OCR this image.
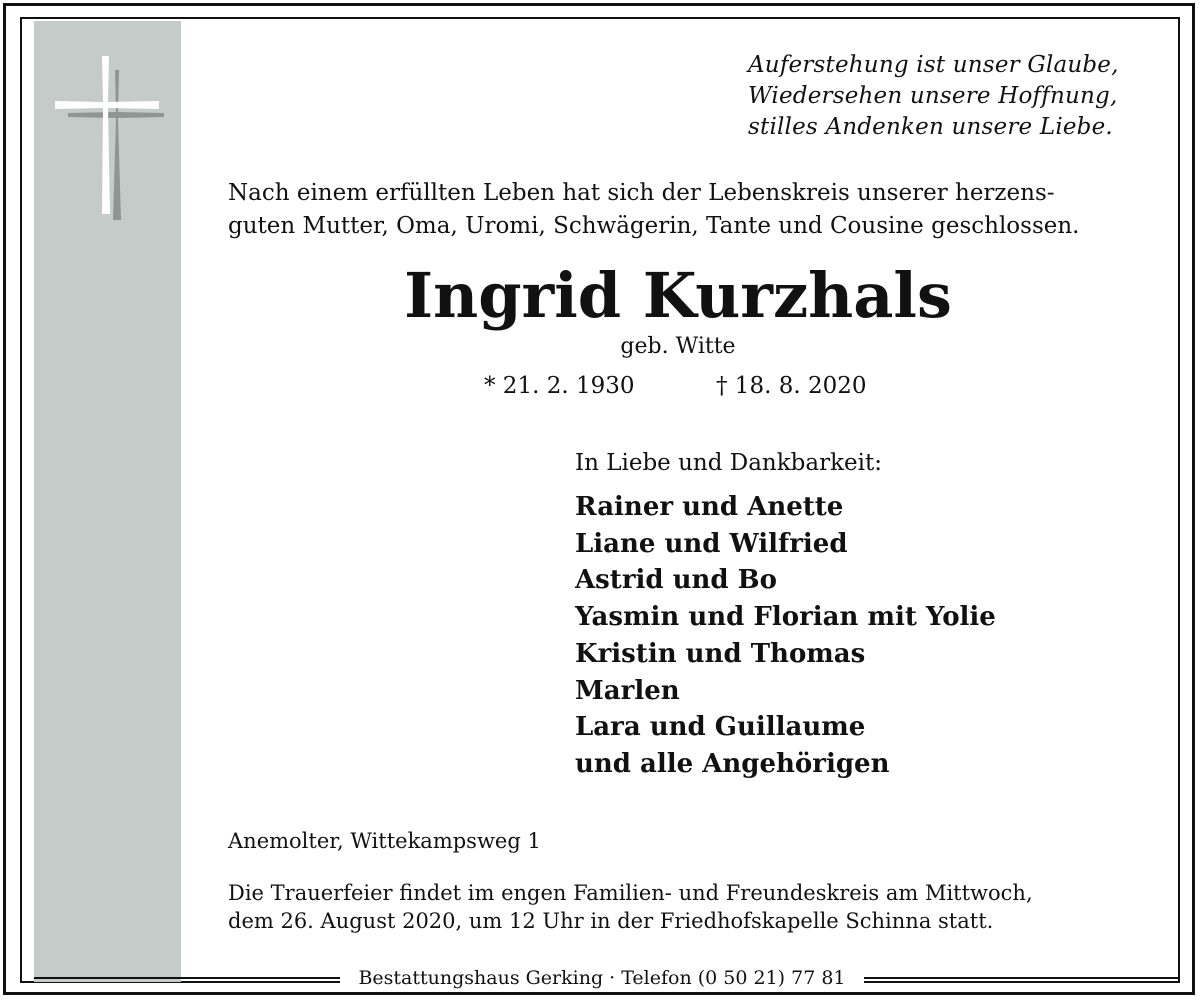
Auferstehung ist unser Glaube,
Wiedersehen unsere Hoffnung,
stilles Andenken unsere Liebe.
Nach einem erfüllten Leben hat sich der Lebenskreis unserer herzens-
guten Mutter, Oma, Uromi, Schwägerin, Tante und Cousine geschlossen.
Ingrid Kurzhals
geb. Witte
* 21. 2. 1930	† 18. 8. 2020
In Liebe und Dankbarkeit:
Rainer und Anette
Liane und Wilfried
Astrid und Bo
Yasmin und Florian mit Yolie
Kristin und Thomas
Marlen
Lara und Guillaume
und alle Angehörigen
Anemolter, Wittekampsweg 1
Die Trauerfeier findet im engen Familien- und Freundeskreis am Mittwoch,
dem 26. August 2020, um 12 Uhr in der Friedhofskapelle Schinna statt.
Bestattungshaus Gerking · Telefon (0 50 21) 77 81
